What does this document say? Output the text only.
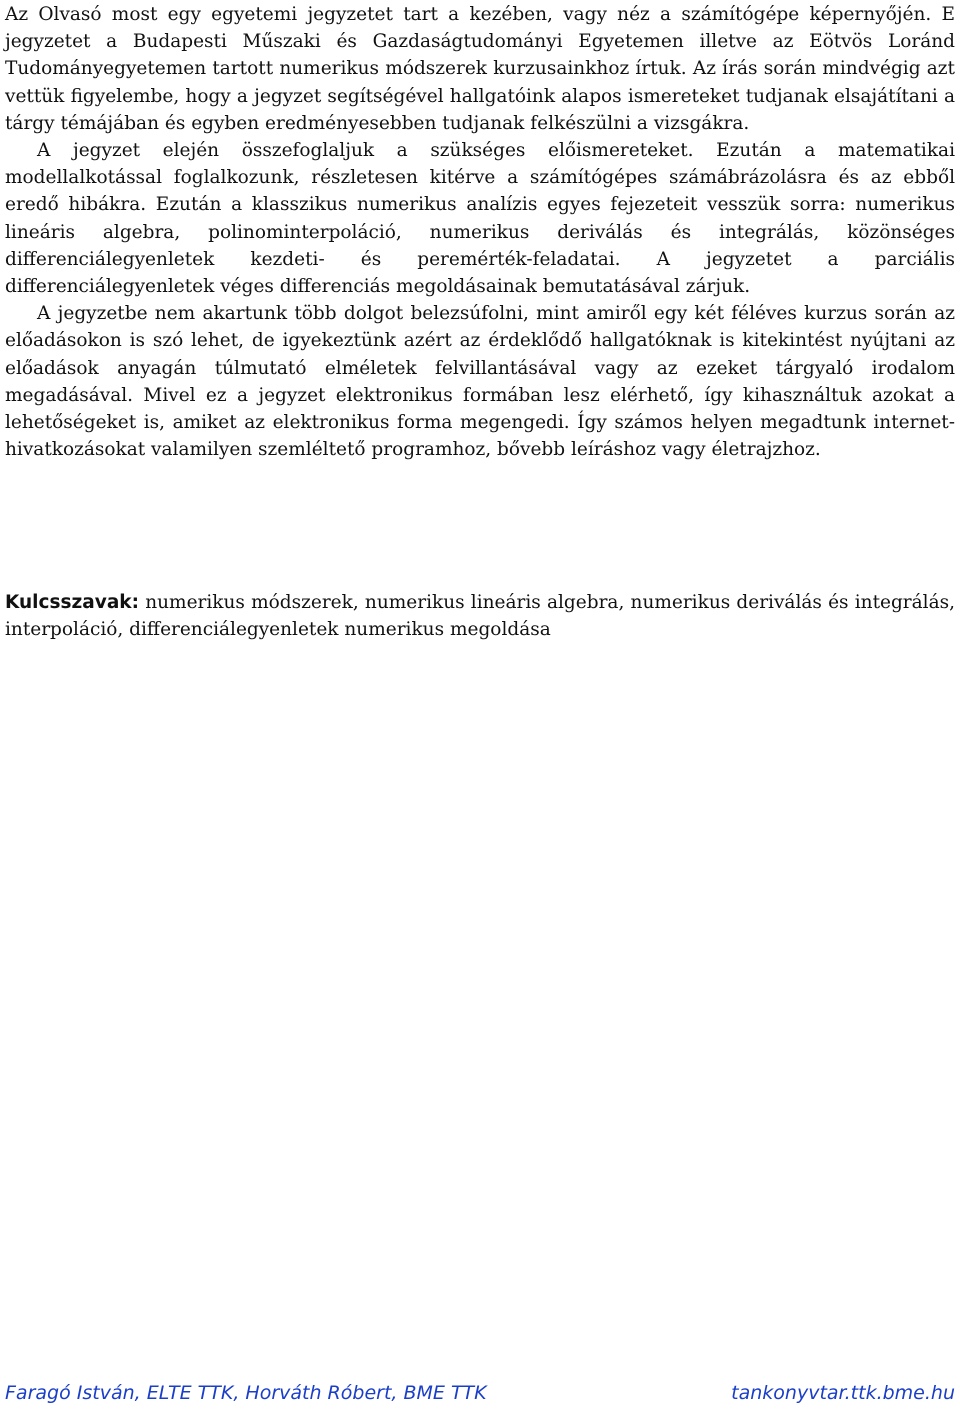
Az Olvasó most egy egyetemi jegyzetet tart a kezében, vagy néz a számítógépe képernyőjén. E jegyzetet a Budapesti Műszaki és Gazdaságtudományi Egyetemen illetve az Eötvös Loránd Tudományegyetemen tartott numerikus módszerek kurzusainkhoz írtuk. Az írás során mindvégig azt vettük figyelembe, hogy a jegyzet segítségével hallgatóink alapos ismereteket tudjanak elsajátítani a tárgy témájában és egyben eredményesebben tudjanak felkészülni a vizsgákra.

A jegyzet elején összefoglaljuk a szükséges előismereteket. Ezután a matematikai modellalkotással foglalkozunk, részletesen kitérve a számítógépes számábrázolásra és az ebből eredő hibákra. Ezután a klasszikus numerikus analízis egyes fejezeteit vesszük sorra: numerikus lineáris algebra, polinominterpoláció, numerikus deriválás és integrálás, közönséges differenciálegyenletek kezdeti- és peremérték-feladatai. A jegyzetet a parciális differenciálegyenletek véges differenciás megoldásainak bemutatásával zárjuk.

A jegyzetbe nem akartunk több dolgot belezsúfolni, mint amiről egy két féléves kurzus során az előadásokon is szó lehet, de igyekeztünk azért az érdeklődő hallgatóknak is kitekintést nyújtani az előadások anyagán túlmutató elméletek felvillantásával vagy az ezeket tárgyaló irodalom megadásával. Mivel ez a jegyzet elektronikus formában lesz elérhető, így kihasználtuk azokat a lehetőségeket is, amiket az elektronikus forma megengedi. Így számos helyen megadtunk internet-hivatkozásokat valamilyen szemléltető programhoz, bővebb leíráshoz vagy életrajzhoz.

Kulcsszavak: numerikus módszerek, numerikus lineáris algebra, numerikus deriválás és integrálás, interpoláció, differenciálegyenletek numerikus megoldása

Faragó István, ELTE TTK, Horváth Róbert, BME TTK	tankonyvtar.ttk.bme.hu
